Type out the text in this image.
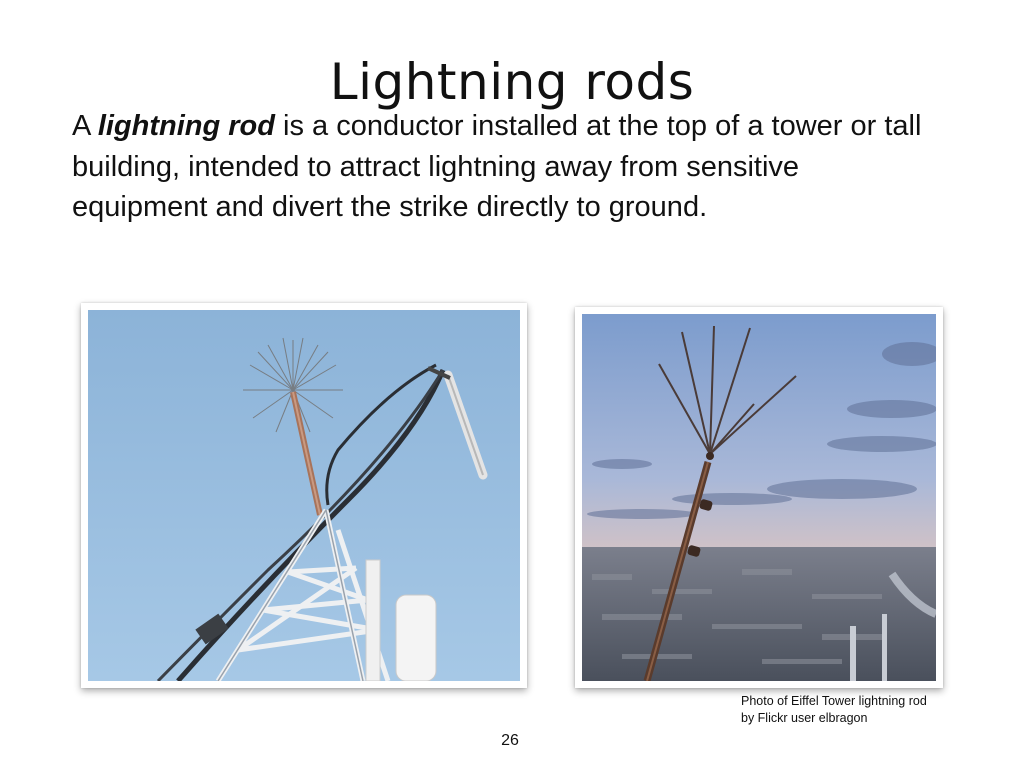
Lightning rods
A lightning rod is a conductor installed at the top of a tower or tall building, intended to attract lightning away from sensitive equipment and divert the strike directly to ground.
26
Photo of Eiffel Tower lightning rod
by Flickr user elbragon
